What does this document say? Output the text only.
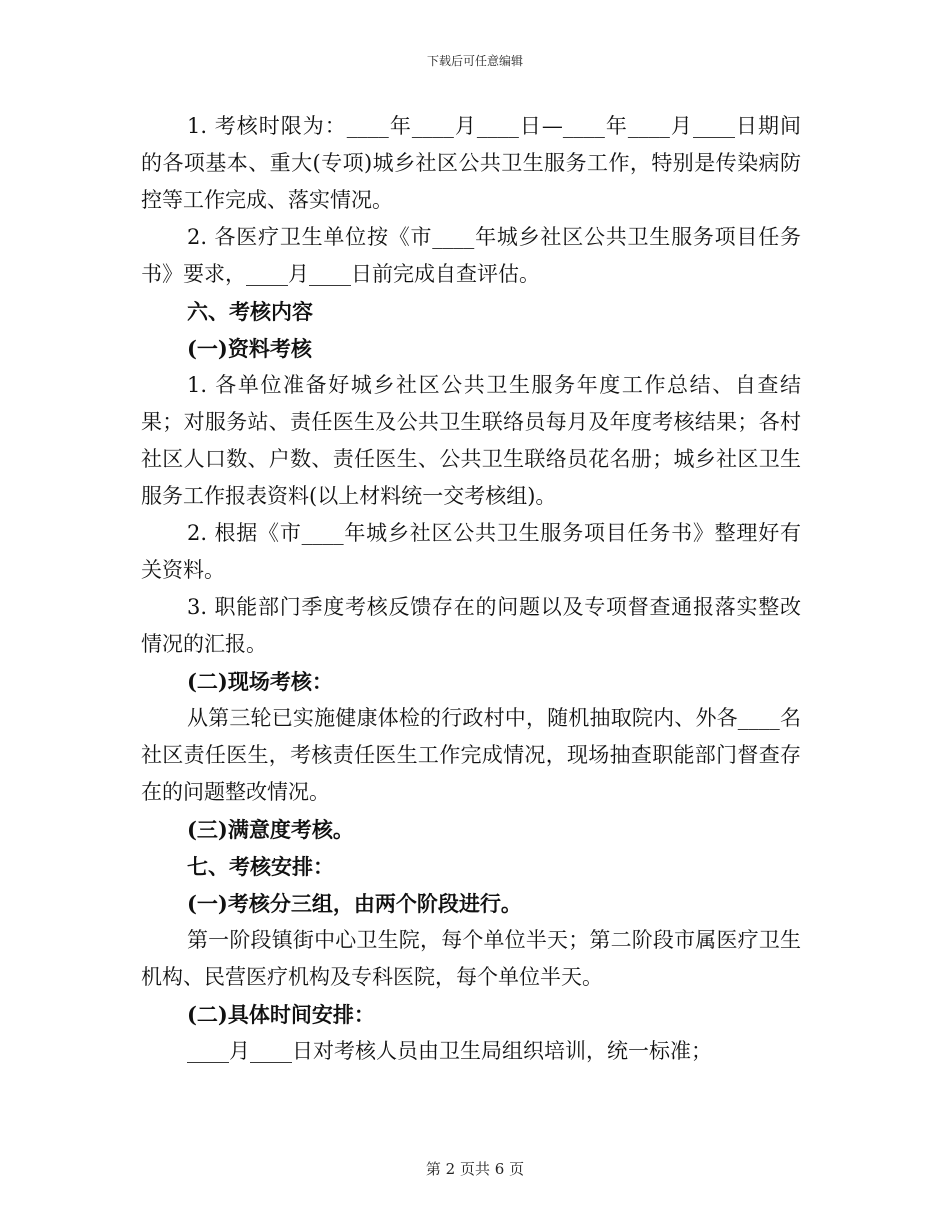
下载后可任意编辑

1. 考核时限为：____年____月____日—____年____月____日期间的各项基本、重大(专项)城乡社区公共卫生服务工作，特别是传染病防控等工作完成、落实情况。

2. 各医疗卫生单位按《市____年城乡社区公共卫生服务项目任务书》要求，____月____日前完成自查评估。

六、考核内容

(一)资料考核

1. 各单位准备好城乡社区公共卫生服务年度工作总结、自查结果；对服务站、责任医生及公共卫生联络员每月及年度考核结果；各村社区人口数、户数、责任医生、公共卫生联络员花名册；城乡社区卫生服务工作报表资料(以上材料统一交考核组)。

2. 根据《市____年城乡社区公共卫生服务项目任务书》整理好有关资料。

3. 职能部门季度考核反馈存在的问题以及专项督查通报落实整改情况的汇报。

(二)现场考核：

从第三轮已实施健康体检的行政村中，随机抽取院内、外各____名社区责任医生，考核责任医生工作完成情况，现场抽查职能部门督查存在的问题整改情况。

(三)满意度考核。

七、考核安排：

(一)考核分三组，由两个阶段进行。

第一阶段镇街中心卫生院，每个单位半天；第二阶段市属医疗卫生机构、民营医疗机构及专科医院，每个单位半天。

(二)具体时间安排：

____月____日对考核人员由卫生局组织培训，统一标准；

第 2 页共 6 页
